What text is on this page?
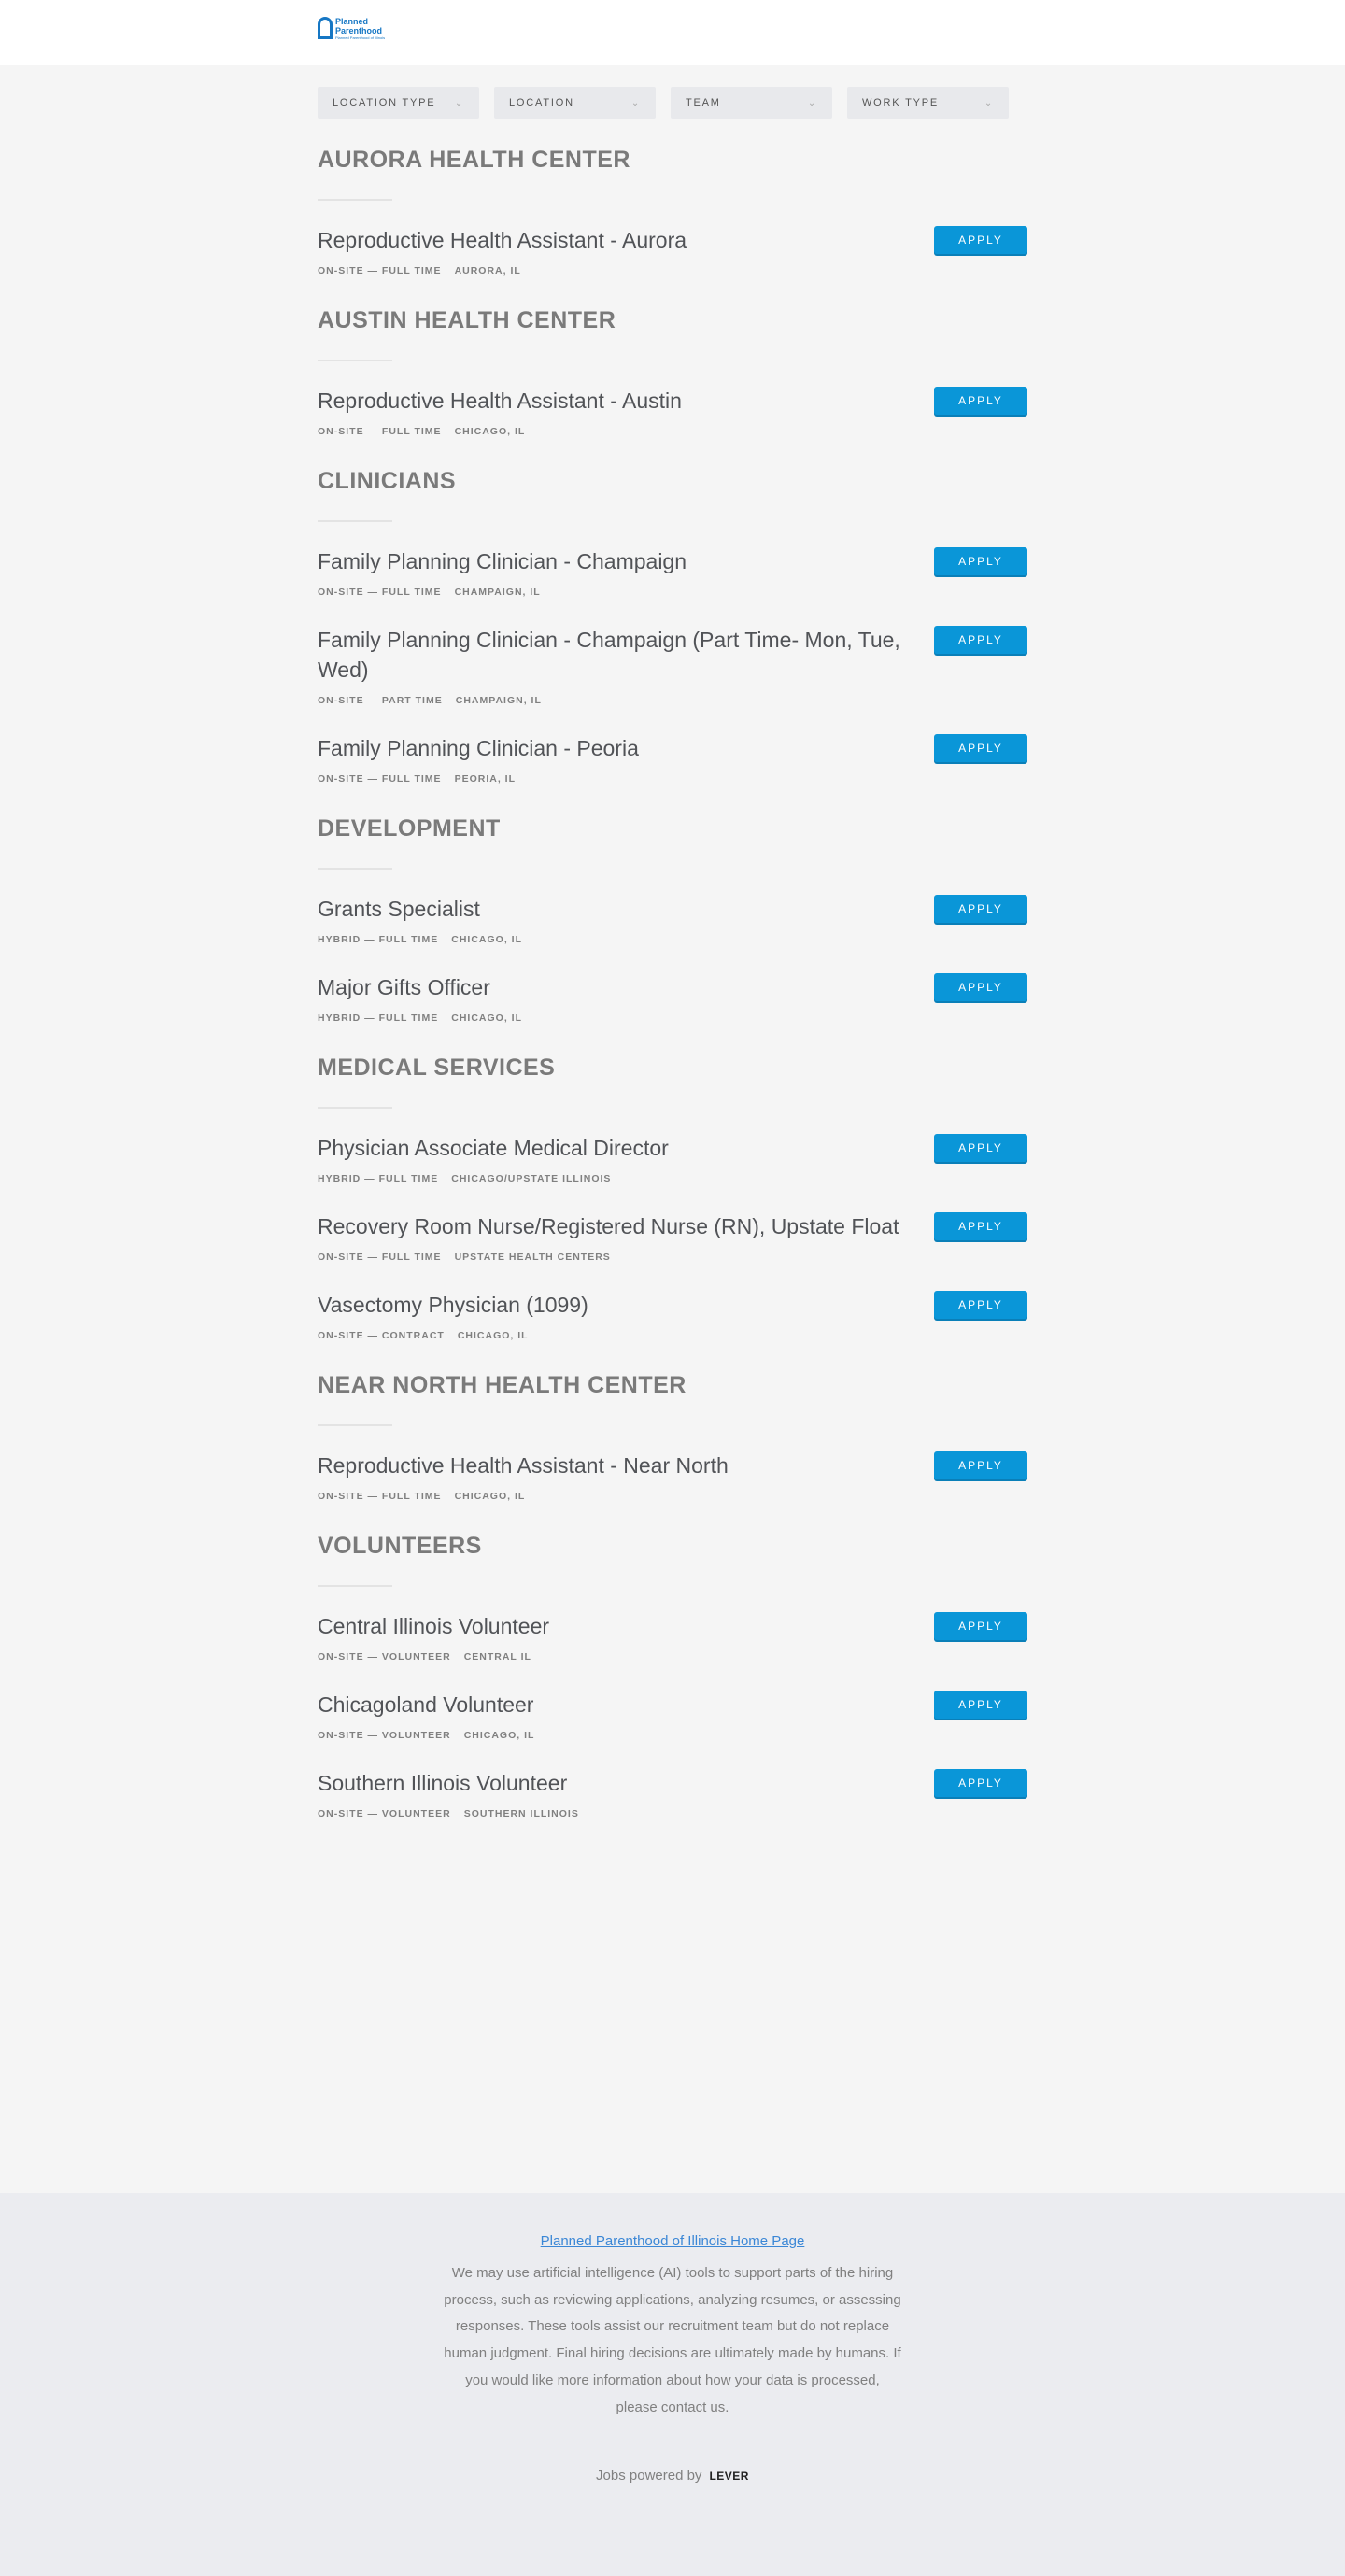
Planned
Parenthood
Planned Parenthood of Illinois
LOCATION TYPE ⌄	LOCATION	⌄	TEAM	⌄	WORK TYPE	⌄
AURORA HEALTH CENTER
Reproductive Health Assistant - Aurora
ON-SITE — FULL TIME AURORA, IL
APPLY
AUSTIN HEALTH CENTER
Reproductive Health Assistant - Austin
ON-SITE — FULL TIME CHICAGO, IL
APPLY
CLINICIANS
Family Planning Clinician - Champaign
ON-SITE — FULL TIME CHAMPAIGN, IL
APPLY
Family Planning Clinician - Champaign (Part Time- Mon, Tue, Wed)
ON-SITE — PART TIME CHAMPAIGN, IL
APPLY
Family Planning Clinician - Peoria
ON-SITE — FULL TIME PEORIA, IL
APPLY
DEVELOPMENT
Grants Specialist
HYBRID — FULL TIME CHICAGO, IL
APPLY
Major Gifts Officer
HYBRID — FULL TIME CHICAGO, IL
APPLY
MEDICAL SERVICES
Physician Associate Medical Director
HYBRID — FULL TIME CHICAGO/UPSTATE ILLINOIS
APPLY
Recovery Room Nurse/Registered Nurse (RN), Upstate Float
ON-SITE — FULL TIME UPSTATE HEALTH CENTERS
APPLY
Vasectomy Physician (1099)
ON-SITE — CONTRACT CHICAGO, IL
APPLY
NEAR NORTH HEALTH CENTER
Reproductive Health Assistant - Near North
ON-SITE — FULL TIME CHICAGO, IL
APPLY
VOLUNTEERS
Central Illinois Volunteer
ON-SITE — VOLUNTEER CENTRAL IL
APPLY
Chicagoland Volunteer
ON-SITE — VOLUNTEER CHICAGO, IL
APPLY
Southern Illinois Volunteer
ON-SITE — VOLUNTEER SOUTHERN ILLINOIS
APPLY
Planned Parenthood of Illinois Home Page

We may use artificial intelligence (AI) tools to support parts of the hiring process, such as reviewing applications, analyzing resumes, or assessing responses. These tools assist our recruitment team but do not replace human judgment. Final hiring decisions are ultimately made by humans. If you would like more information about how your data is processed, please contact us.

Jobs powered by LEVER
